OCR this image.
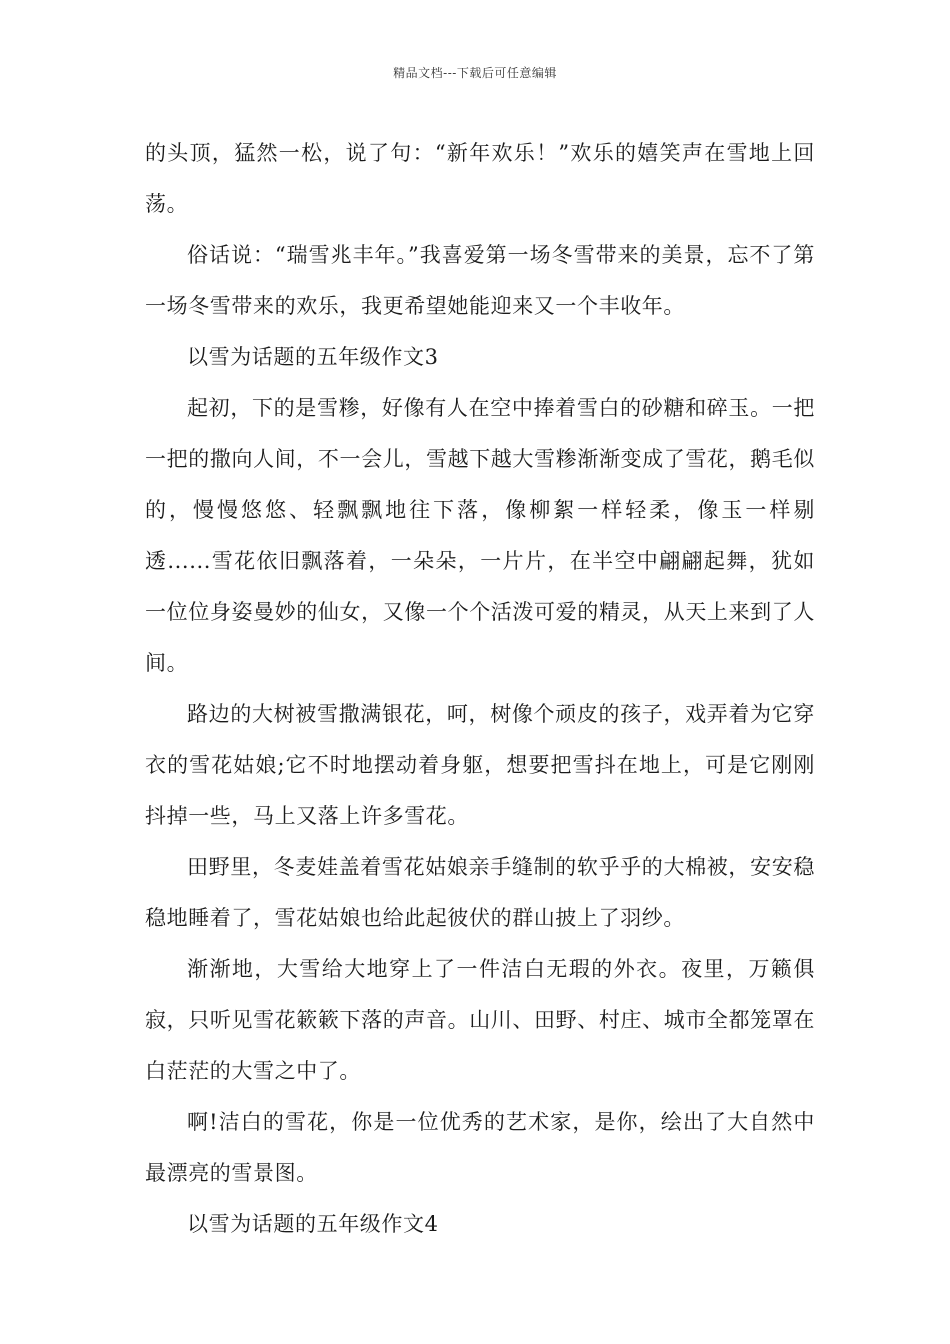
精品文档---下载后可任意编辑

的头顶，猛然一松，说了句：“新年欢乐！”欢乐的嬉笑声在雪地上回荡。

俗话说：“瑞雪兆丰年。”我喜爱第一场冬雪带来的美景，忘不了第一场冬雪带来的欢乐，我更希望她能迎来又一个丰收年。

以雪为话题的五年级作文3

起初，下的是雪糁，好像有人在空中捧着雪白的砂糖和碎玉。一把一把的撒向人间，不一会儿，雪越下越大雪糁渐渐变成了雪花，鹅毛似的，慢慢悠悠、轻飘飘地往下落，像柳絮一样轻柔，像玉一样剔透......雪花依旧飘落着，一朵朵，一片片，在半空中翩翩起舞，犹如一位位身姿曼妙的仙女，又像一个个活泼可爱的精灵，从天上来到了人间。

路边的大树被雪撒满银花，呵，树像个顽皮的孩子，戏弄着为它穿衣的雪花姑娘;它不时地摆动着身躯，想要把雪抖在地上，可是它刚刚抖掉一些，马上又落上许多雪花。

田野里，冬麦娃盖着雪花姑娘亲手缝制的软乎乎的大棉被，安安稳稳地睡着了，雪花姑娘也给此起彼伏的群山披上了羽纱。

渐渐地，大雪给大地穿上了一件洁白无瑕的外衣。夜里，万籁俱寂，只听见雪花簌簌下落的声音。山川、田野、村庄、城市全都笼罩在白茫茫的大雪之中了。

啊!洁白的雪花，你是一位优秀的艺术家，是你，绘出了大自然中最漂亮的雪景图。

以雪为话题的五年级作文4
